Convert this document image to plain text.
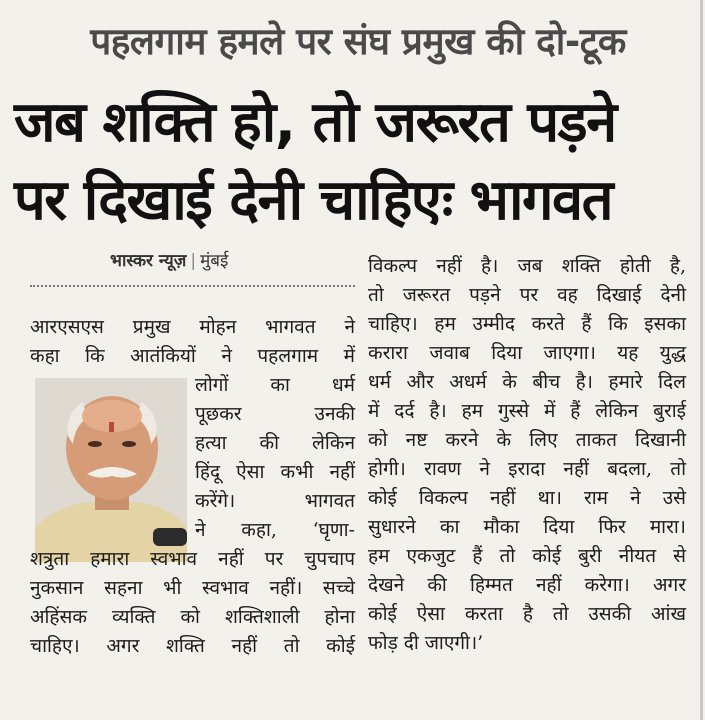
पहलगाम हमले पर संघ प्रमुख की दो-टूक
जब शक्ति हो, तो जरूरत पड़ने
पर दिखाई देनी चाहिएः भागवत
भास्कर न्यूज़ | मुंबई
आरएसएस प्रमुख मोहन भागवत ने
कहा कि आतंकियों ने पहलगाम में
लोगों का धर्म
पूछकर उनकी
हत्या की लेकिन
हिंदू ऐसा कभी नहीं
करेंगे। भागवत
ने कहा, ‘घृणा-
शत्रुता हमारा स्वभाव नहीं पर चुपचाप
नुकसान सहना भी स्वभाव नहीं। सच्चे
अहिंसक व्यक्ति को शक्तिशाली होना
चाहिए। अगर शक्ति नहीं तो कोई
विकल्प नहीं है। जब शक्ति होती है,
तो जरूरत पड़ने पर वह दिखाई देनी
चाहिए। हम उम्मीद करते हैं कि इसका
करारा जवाब दिया जाएगा। यह युद्ध
धर्म और अधर्म के बीच है। हमारे दिल
में दर्द है। हम गुस्से में हैं लेकिन बुराई
को नष्ट करने के लिए ताकत दिखानी
होगी। रावण ने इरादा नहीं बदला, तो
कोई विकल्प नहीं था। राम ने उसे
सुधारने का मौका दिया फिर मारा।
हम एकजुट हैं तो कोई बुरी नीयत से
देखने की हिम्मत नहीं करेगा। अगर
कोई ऐसा करता है तो उसकी आंख
फोड़ दी जाएगी।’
